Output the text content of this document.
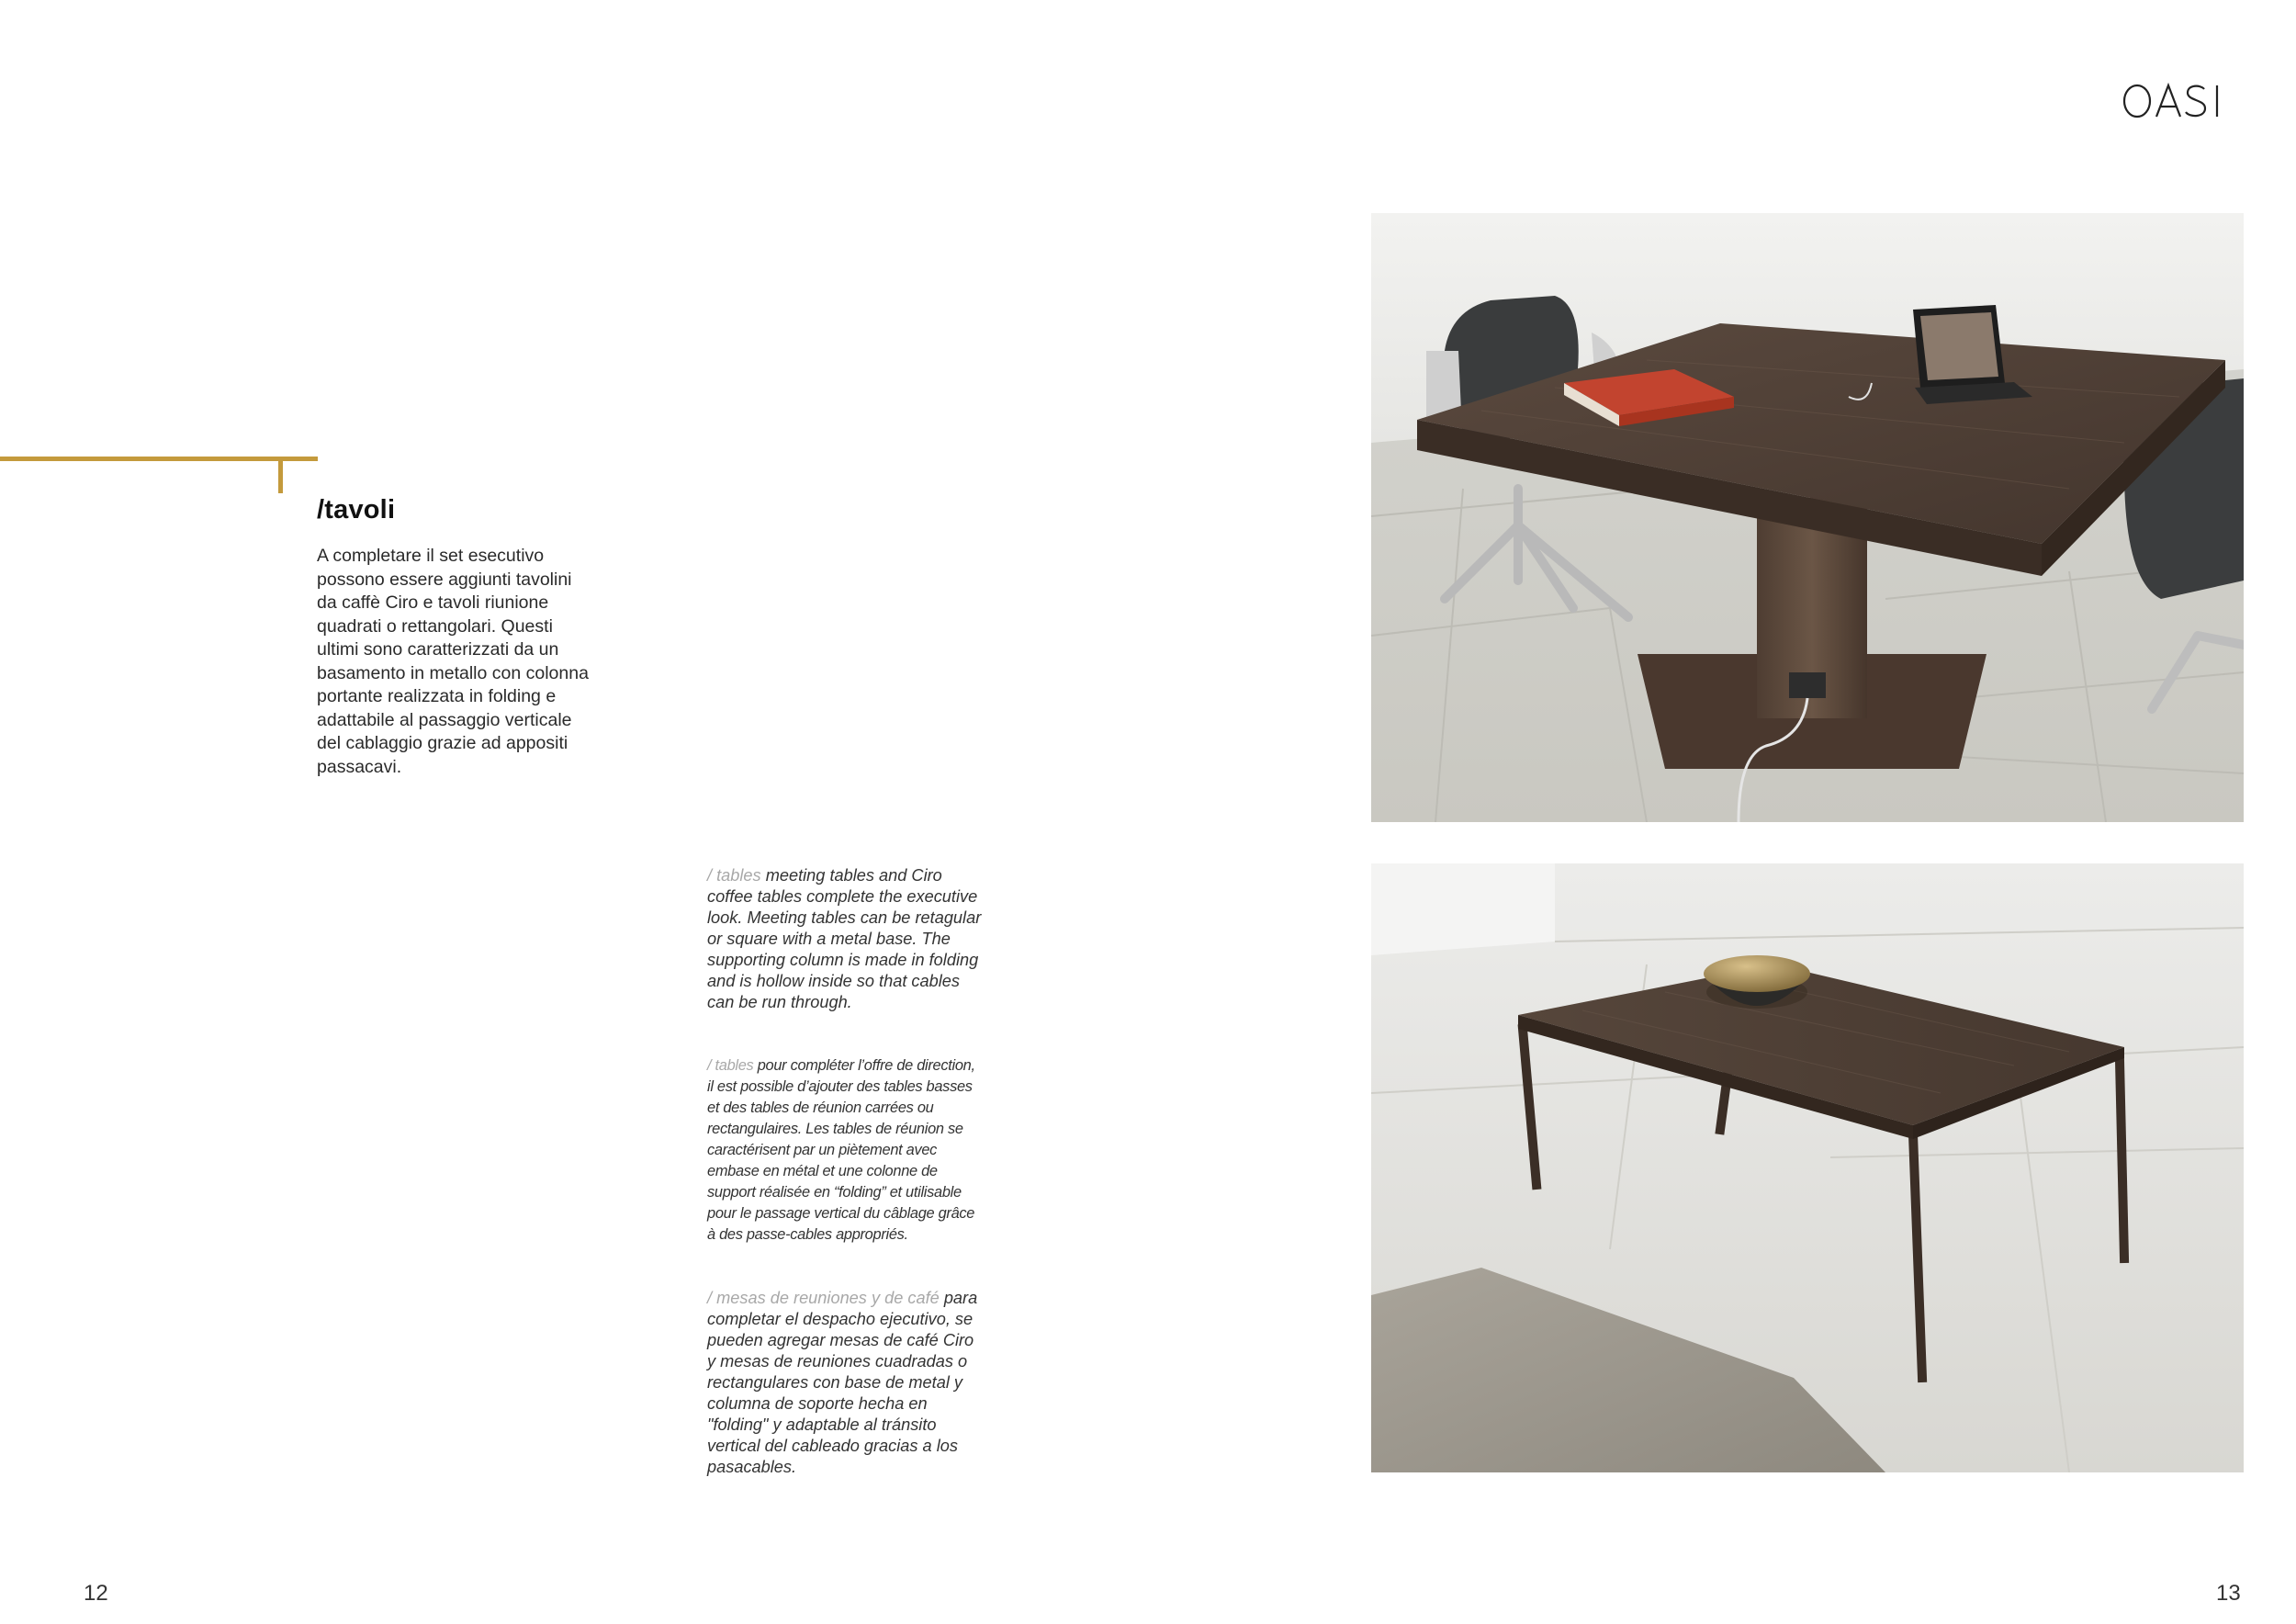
/tavoli
A completare il set esecutivo possono essere aggiunti tavolini da caffè Ciro e tavoli riunione quadrati o rettangolari. Questi ultimi sono caratterizzati da un basamento in metallo con colonna portante realizzata in folding e adattabile al passaggio verticale del cablaggio grazie ad appositi passacavi.
/ tables meeting tables and Ciro coffee tables complete the executive look. Meeting tables can be retagular or square with a metal base. The supporting column is made in folding and is hollow inside so that cables can be run through.
/ tables pour compléter l’offre de direction, il est possible d’ajouter des tables basses et des tables de réunion carrées ou rectangulaires. Les tables de réunion se caractérisent par un piètement avec embase en métal et une colonne de support réalisée en “folding” et utilisable pour le passage vertical du câblage grâce à des passe-cables appropriés.
/ mesas de reuniones y de café para completar el despacho ejecutivo, se pueden agregar mesas de café Ciro y mesas de reuniones cuadradas o rectangulares con base de metal y columna de soporte hecha en "folding" y adaptable al tránsito vertical del cableado gracias a los pasacables.
12	13
